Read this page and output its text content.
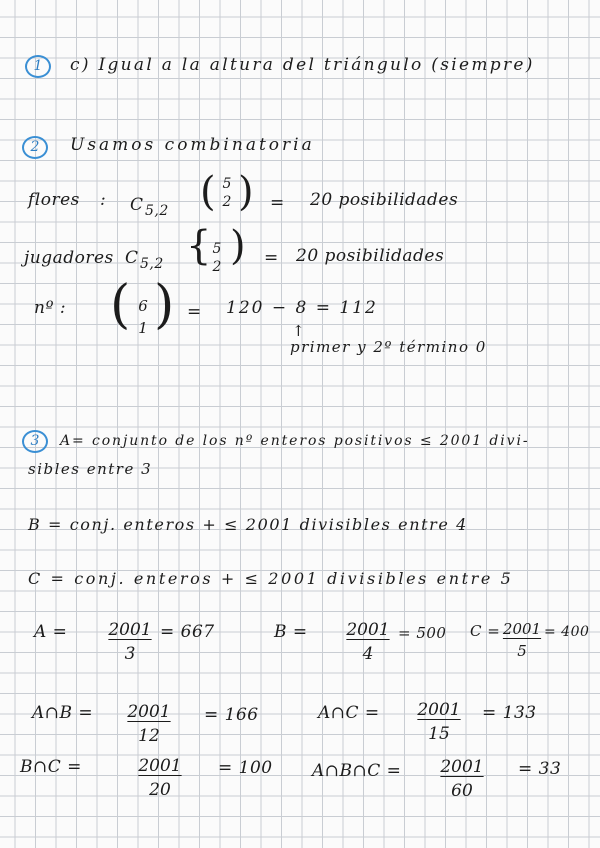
1	c) Igual a la altura del triángulo (siempre)
2	Usamos combinatoria
flores : C 5,2 ( 5
2 ) = 20 posibilidades
jugadores C 5,2 { 5
2 ) = 20 posibilidades
nº : ( 6
1 ) = 120 − 8 = 112
↑
primer y 2º término 0
3	A= conjunto de los nº enteros positivos ≤ 2001 divi-
sibles entre 3
B = conj. enteros + ≤ 2001 divisibles entre 4
C = conj. enteros + ≤ 2001 divisibles entre 5
$A = \frac{2001}{3} = 667$	$B = \frac{2001}{4} = 500$ C =
$\frac{2001}{5}$
= 400
A∩B = $\frac{2001}{12} = 166$	A∩C = $\frac{2001}{15} = 133$
B∩C =	$\frac{2001}{20} = 100$ A∩B∩C = $\frac{2001}{60} = 33$
